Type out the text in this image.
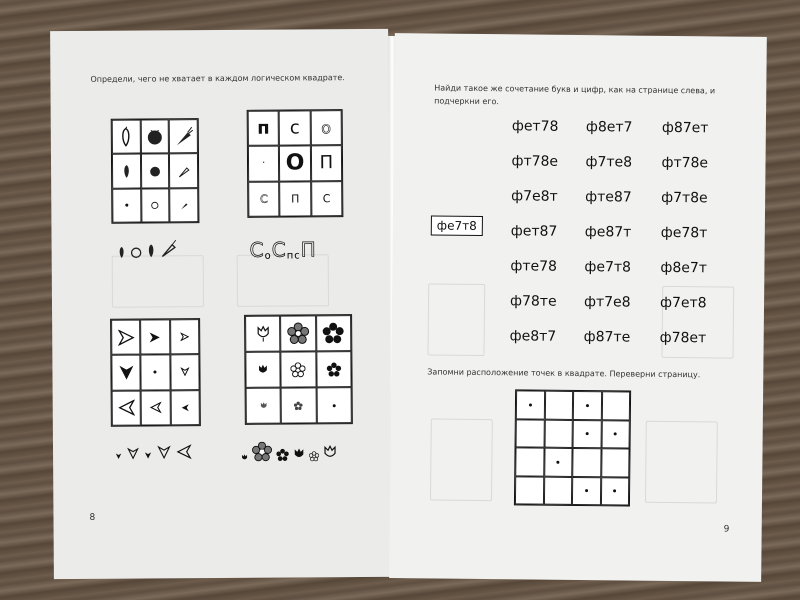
Определи, чего не хватает в каждом логическом квадрате.
п	с	о
· О П
С	П	С
С о С п с П
8
Найди такое же сочетание букв и цифр, как на странице слева, и подчеркни его.
фе7т8
фет78 ф8ет7 ф87ет
фт78е ф7те8 фт78е
ф7е8т фте87 ф7т8е
фет87 фе87т фе78т
фте78 фе7т8 ф8е7т
ф78те фт7е8 ф7ет8
фе8т7 ф87те ф78ет
Запомни расположение точек в квадрате. Переверни страницу.
9
